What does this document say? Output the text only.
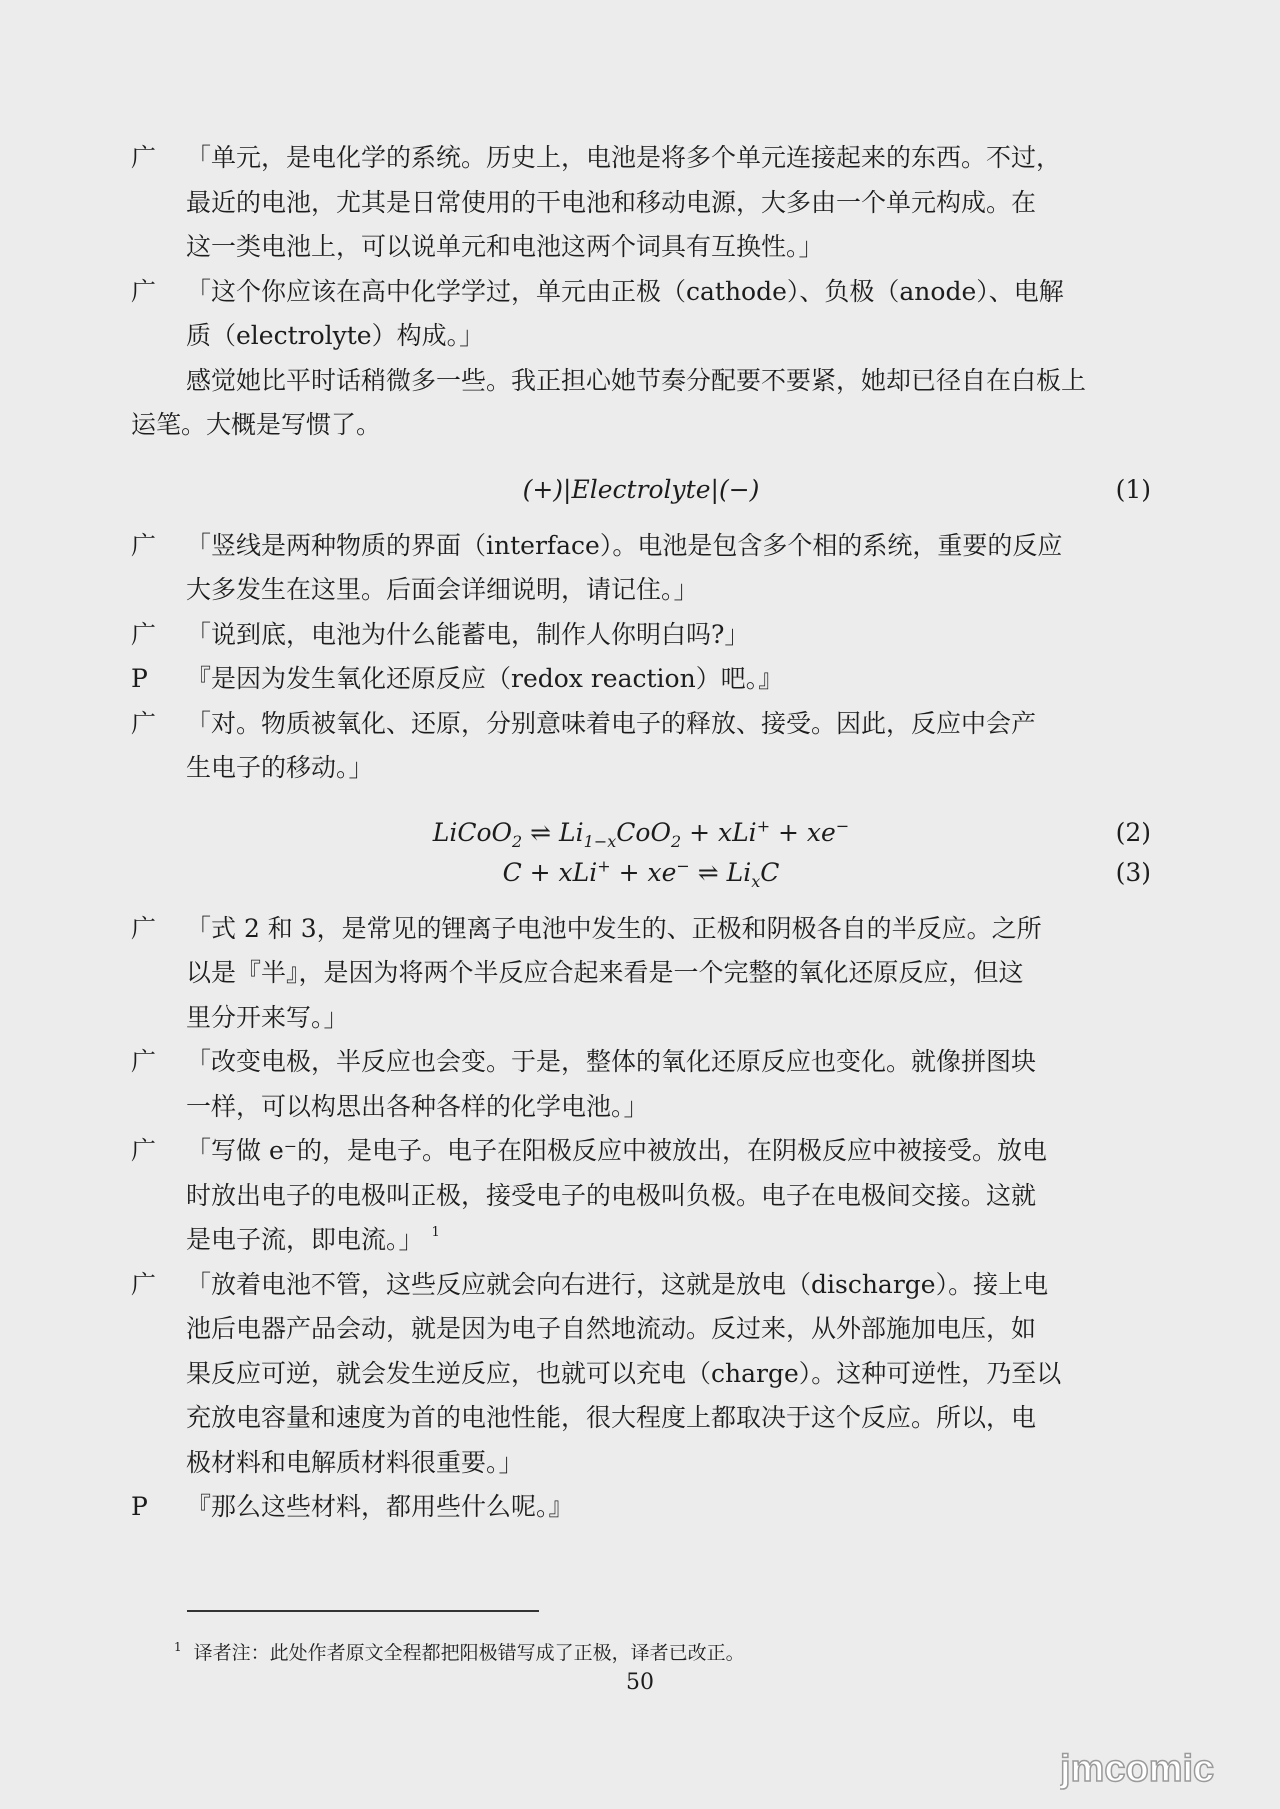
广	「单元，是电化学的系统。历史上，电池是将多个单元连接起来的东西。不过，
最近的电池，尤其是日常使用的干电池和移动电源，大多由一个单元构成。在
这一类电池上，可以说单元和电池这两个词具有互换性。」
广	「这个你应该在高中化学学过，单元由正极（cathode）、负极（anode）、电解
质（electrolyte）构成。」
感觉她比平时话稍微多一些。我正担心她节奏分配要不要紧，她却已径自在白板上
运笔。大概是写惯了。
(+)|Electrolyte|(−)	(1)
广	「竖线是两种物质的界面（interface）。电池是包含多个相的系统，重要的反应
大多发生在这里。后面会详细说明，请记住。」
广	「说到底，电池为什么能蓄电，制作人你明白吗?」
P	『是因为发生氧化还原反应（redox reaction）吧。』
广	「对。物质被氧化、还原，分别意味着电子的释放、接受。因此，反应中会产
生电子的移动。」
LiCoO$_2$ ⇌ $Li_{1-x}CoO_2 + xLi^+ + xe^-$	(2)
C + xLi+ + xe− ⇌ $Li_xC$	(3)
广	「式 2 和 3，是常见的锂离子电池中发生的、正极和阴极各自的半反应。之所
以是『半』，是因为将两个半反应合起来看是一个完整的氧化还原反应，但这
里分开来写。」
广	「改变电极，半反应也会变。于是，整体的氧化还原反应也变化。就像拼图块
一样，可以构思出各种各样的化学电池。」
广	「写做 e⁻的，是电子。电子在阳极反应中被放出，在阴极反应中被接受。放电
时放出电子的电极叫正极，接受电子的电极叫负极。电子在电极间交接。这就
是电子流，即电流。」 $^1$
广	「放着电池不管，这些反应就会向右进行，这就是放电（discharge）。接上电
池后电器产品会动，就是因为电子自然地流动。反过来，从外部施加电压，如
果反应可逆，就会发生逆反应，也就可以充电（charge）。这种可逆性，乃至以
充放电容量和速度为首的电池性能，很大程度上都取决于这个反应。所以，电
极材料和电解质材料很重要。」
P	『那么这些材料，都用些什么呢。』
$^1$ 译者注：此处作者原文全程都把阳极错写成了正极，译者已改正。
50
jmcomic
